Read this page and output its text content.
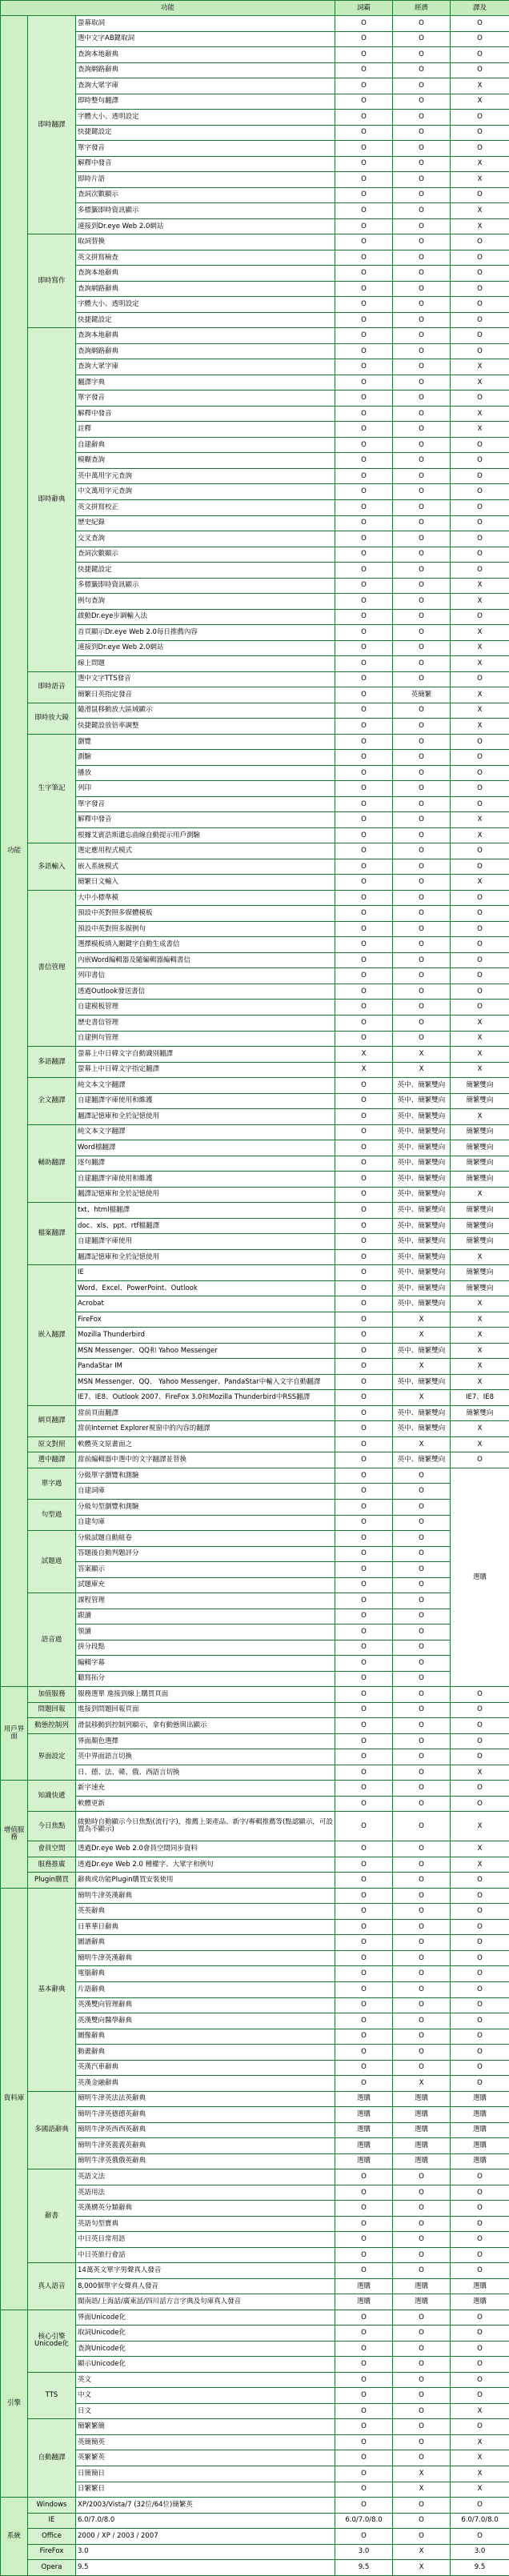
功能			詞霸	經濟	譯及
功能	即時翻譯	螢幕取詞	O	O	O
		選中文字AB鍵取詞	O	O	O
		查詢本地辭典	O	O	O
		查詢網路辭典	O	O	O
		查詢大眾字庫	O	O	X
		即時整句翻譯	O	O	X
		字體大小、透明設定	O	O	O
		快捷鍵設定	O	O	O
		單字發音	O	O	O
		解釋中發音	O	O	X
		即時片語	O	O	X
		查詞次數顯示	O	O	O
		多標籤即時資訊顯示	O	O	X
		連接到Dr.eye Web 2.0網站	O	O	X
	即時寫作	取詞替換	O	O	O
		英文拼寫檢查	O	O	O
		查詢本地辭典	O	O	O
		查詢網路辭典	O	O	O
		字體大小、透明設定	O	O	O
		快捷鍵設定	O	O	O
	即時辭典	查詢本地辭典	O	O	O
		查詢網路辭典	O	O	O
		查詢大眾字庫	O	O	X
		翻譯字典	O	O	X
		單字發音	O	O	O
		解釋中發音	O	O	X
		註釋	O	O	X
		自建辭典	O	O	O
		模糊查詢	O	O	O
		英中萬用字元查詢	O	O	O
		中文萬用字元查詢	O	O	O
		英文拼寫校正	O	O	O
		歷史紀錄	O	O	O
		交叉查詢	O	O	O
		查詞次數顯示	O	O	O
		快捷鍵設定	O	O	O
		多標籤即時資訊顯示	O	O	X
		例句查詢	O	O	X
		啟動Dr.eye步調輸入法	O	O	O
		首頁顯示Dr.eye Web 2.0每日推薦內容	O	O	X
		連接到Dr.eye Web 2.0網站	O	O	X
		線上問題	O	O	X
	即時語音	選中文字TTS發音	O	O	O
		簡繁日英指定發音	O	英簡繁	X
	即時放大鏡	隨滑鼠移動放大區域顯示	O	O	X
		快捷鍵設放倍率調整	O	O	X
	生字筆記	瀏覽	O	O	O
		測驗	O	O	O
		播放	O	O	O
		列印	O	O	O
		單字發音	O	O	O
		解釋中發音	O	O	X
		根據艾賓浩斯遺忘曲線自動提示用戶測驗	O	O	X
	多語輸入	選定應用程式模式	O	O	O
		嵌入系統模式	O	O	O
		簡繁日文輸入	O	O	X
	書信管理	大中小標準模	O	O	O
		預設中英對照多媒體模板	O	O	O
		預設中英對照多媒例句	O	O	O
		選擇模板填入關鍵字自動生成書信	O	O	O
		內嵌Word編輯器及隨編輯器編輯書信	O	O	O
		列印書信	O	O	O
		透過Outlook發送書信	O	O	O
		自建模板管理	O	O	O
		歷史書信管理	O	O	X
		自建例句管理	O	O	X
	多語翻譯	螢幕上中日韓文字自動識別翻譯	X	X	X
		螢幕上中日韓文字指定翻譯	X	X	X
	全文翻譯	純文本文字翻譯	O	英中、簡繁雙向	簡繁雙向
		自建翻譯字庫使用和維護	O	英中、簡繁雙向	簡繁雙向
		翻譯記憶庫和全於記憶使用	O	英中、簡繁雙向	X
	輔助翻譯	純文本文字翻譯	O	英中、簡繁雙向	簡繁雙向
		Word檔翻譯	O	英中、簡繁雙向	簡繁雙向
		逐句翻譯	O	英中、簡繁雙向	簡繁雙向
		自建翻譯字庫使用和維護	O	英中、簡繁雙向	簡繁雙向
		翻譯記憶庫和全於記憶使用	O	英中、簡繁雙向	X
	檔案翻譯	txt、html檔翻譯	O	英中、簡繁雙向	簡繁雙向
		doc、xls、ppt、rtf檔翻譯	O	英中、簡繁雙向	簡繁雙向
		自建翻譯字庫使用	O	英中、簡繁雙向	簡繁雙向
		翻譯記憶庫和全於記憶使用	O	英中、簡繁雙向	X
	嵌入翻譯	IE	O	英中、簡繁雙向	簡繁雙向
		Word、Excel、PowerPoint、Outlook	O	英中、簡繁雙向	簡繁雙向
		Acrobat	O	英中、簡繁雙向	X
		FireFox	O	X	X
		Mozilla Thunderbird	O	X	X
		MSN Messenger、QQ和 Yahoo Messenger	O	英中、簡繁雙向	X
		PandaStar IM	O	X	X
		MSN Messenger、QQ、 Yahoo Messenger、PandaStar中輸入文字自動翻譯	O	英中、簡繁雙向	X
		IE7、IE8、Outlook 2007、FireFox 3.0和Mozilla Thunderbird中RSS翻譯	O	X	IE7、IE8
	網頁翻譯	當前頁面翻譯	O	英中、簡繁雙向	簡繁雙向
		當前Internet Explorer視窗中的內容的翻譯	O	英中、簡繁雙向	X
	原文對照	軟體英文原畫面之	O	X	X
	選中翻譯	當前編輯器中選中的文字翻譯並替換	O	英中、簡繁雙向	O
	單字過	分級單字瀏覽和測驗	O	O	選購
		自建詞庫	O	O	
	句型過	分級句型瀏覽和測驗	O	O	
		自建句庫	O	O	
	試題過	分級試題自動組卷	O	O	
		答題後自動判題評分	O	O	
		答案顯示	O	O	
		試題庫充	O	O	
	語音過	課程管理	O	O	
		跟讀	O	O	
		領讀	O	O	
		拼分段點	O	O	
		編輯字幕	O	O	
		聽寫拓分	O	O	
用戶界面	加值服務	服務選單 進接到線上購買頁面	O	O	O
	問題回報	進接到問題回報頁面	O	O	O
	動態控制列	滑鼠移動到控制列顯示，拿有動態與出顯示	O	O	O
	界面設定	界面顏色選擇	O	O	O
		英中界面語言切換	O	O	O
		日、德、法、韓、俄、西語言切換	O	O	X
增值服務	知識快遞	新字速充	O	O	O
		軟體更新	O	O	O
	今日焦點	啟動時自動顯示今日焦點(流行字)，推薦上架產品、新字/專輯推薦等(點認顯示，可設置為不顯示)	O	O	X
	會員空間	透過Dr.eye Web 2.0會員空間同步資料	O	O	X
	服務推廣	透過Dr.eye Web 2.0 種權字、大眾字和例句	O	O	X
	Plugin購買	辭典或功能Plugin購買安裝使用	O	O	O
資料庫	基本辭典	簡明牛津英漢辭典	O	O	O
		英英辭典	O	O	O
		日華華日辭典	O	O	O
		圖譜辭典	O	O	O
		簡明牛津英漢辭典	O	O	O
		電腦辭典	O	O	O
		片語辭典	O	O	O
		英漢雙向管理辭典	O	O	O
		英漢雙向醫學辭典	O	O	O
		圖像辭典	O	O	O
		動畫辭典	O	O	O
		英漢汽車辭典	O	O	O
		英漢金融辭典	O	X	O
	多國語辭典	簡明牛津英法法英辭典	選購	選購	選購
		簡明牛津英德德英辭典	選購	選購	選購
		簡明牛津英西西英辭典	選購	選購	選購
		簡明牛津英義義英辭典	選購	選購	選購
		簡明牛津英俄俄英辭典	選購	選購	選購
	辭書	英語文法	O	O	O
		英語用法	O	O	O
		英漢構英分類辭典	O	O	O
		英語句型寶典	O	O	O
		中日英日常用語	O	O	O
		中日英旅行會話	O	O	O
	真人語音	14萬英文單字男聲真人發音	O	O	O
		8,000個單字女聲真人發音	選購	選購	選購
		閩南語/上海話/廣東話/四川話方言字典及句庫真人發音	選購	選購	選購
引擎	核心引擎 Unicode化	界面Unicode化	O	O	O
		取詞Unicode化	O	O	O
		查詢Unicode化	O	O	O
		顯示Unicode化	O	O	O
	TTS	英文	O	O	O
		中文	O	O	O
		日文	O	O	X
	自動翻譯	簡繁繁簡	O	O	O
		英簡簡英	O	O	X
		英繁繁英	O	O	X
		日簡簡日	O	X	X
		日繁繁日	O	X	X
系統	Windows	XP/2003/Vista/7 (32位/64位)簡繁英	O	O	O
	IE	6.0/7.0/8.0	6.0/7.0/8.0	O	6.0/7.0/8.0
	Office	2000 / XP / 2003 / 2007	O	O	O
	FireFox	3.0	3.0	X	3.0
	Opera	9.5	9.5	X	9.5
